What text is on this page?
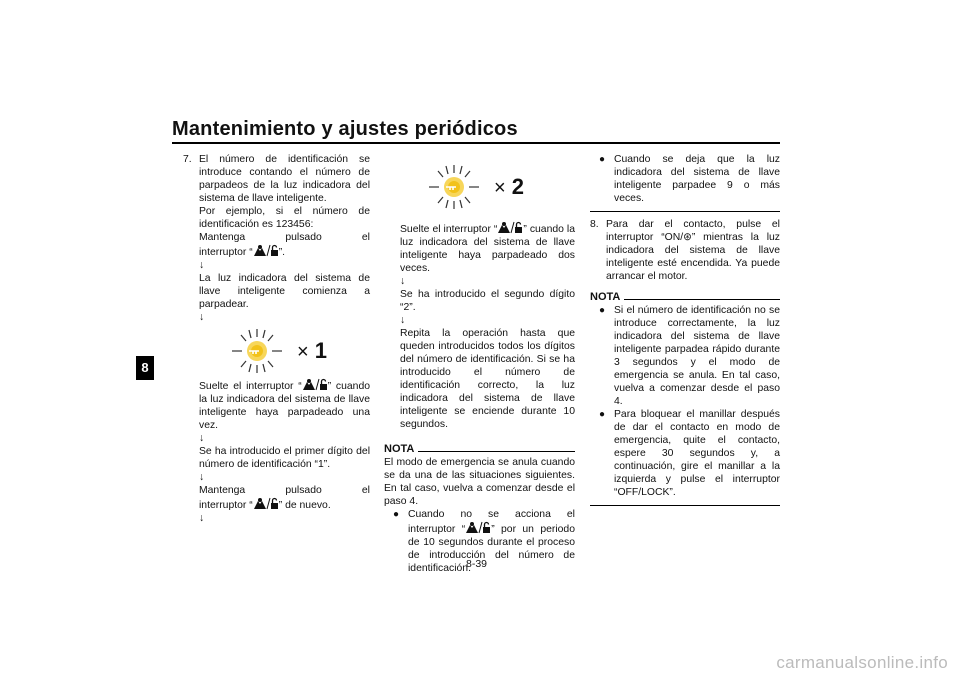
Mantenimiento y ajustes periódicos
8
7. El número de identificación se introduce contando el número de parpadeos de la luz indicadora del sistema de llave inteligente.

Por ejemplo, si el número de identificación es 123456:

Mantenga	pulsado	el

interruptor “	”.

↓

La luz indicadora del sistema de llave inteligente comienza a parpadear.

↓
× 1

Suelte el interruptor “	” cuando la luz indicadora del sistema de llave inteligente haya parpadeado una vez.

↓

Se ha introducido el primer dígito del número de identificación “1”.

↓

Mantenga	pulsado	el

interruptor “	” de nuevo.

↓
× 2

Suelte el interruptor “	” cuando la luz indicadora del sistema de llave inteligente haya parpadeado dos veces.

↓

Se ha introducido el segundo dígito “2”.

↓

Repita la operación hasta que queden introducidos todos los dígitos del número de identificación. Si se ha introducido el número de identificación correcto, la luz indicadora del sistema de llave inteligente se enciende durante 10 segundos.

NOTA

El modo de emergencia se anula cuando se da una de las situaciones siguientes. En tal caso, vuelva a comenzar desde el paso 4.

● Cuando no se acciona el

interruptor “	” por un periodo de 10 segundos durante el proceso de introducción del número de identificación.

● Cuando se deja que la luz indicadora del sistema de llave inteligente parpadee 9 o más veces.

8. Para dar el contacto, pulse el interruptor “ON/⊛” mientras la luz indicadora del sistema de llave inteligente esté encendida. Ya puede arrancar el motor.

NOTA
● Si el número de identificación no se introduce correctamente, la luz indicadora del sistema de llave inteligente parpadea rápido durante 3 segundos y el modo de emergencia se anula. En tal caso, vuelva a comenzar desde el paso 4.

● Para bloquear el manillar después de dar el contacto en modo de emergencia, quite el contacto, espere 30 segundos y, a continuación, gire el manillar a la izquierda y pulse el interruptor “OFF/LOCK”.

8-39
carmanualsonline.info
